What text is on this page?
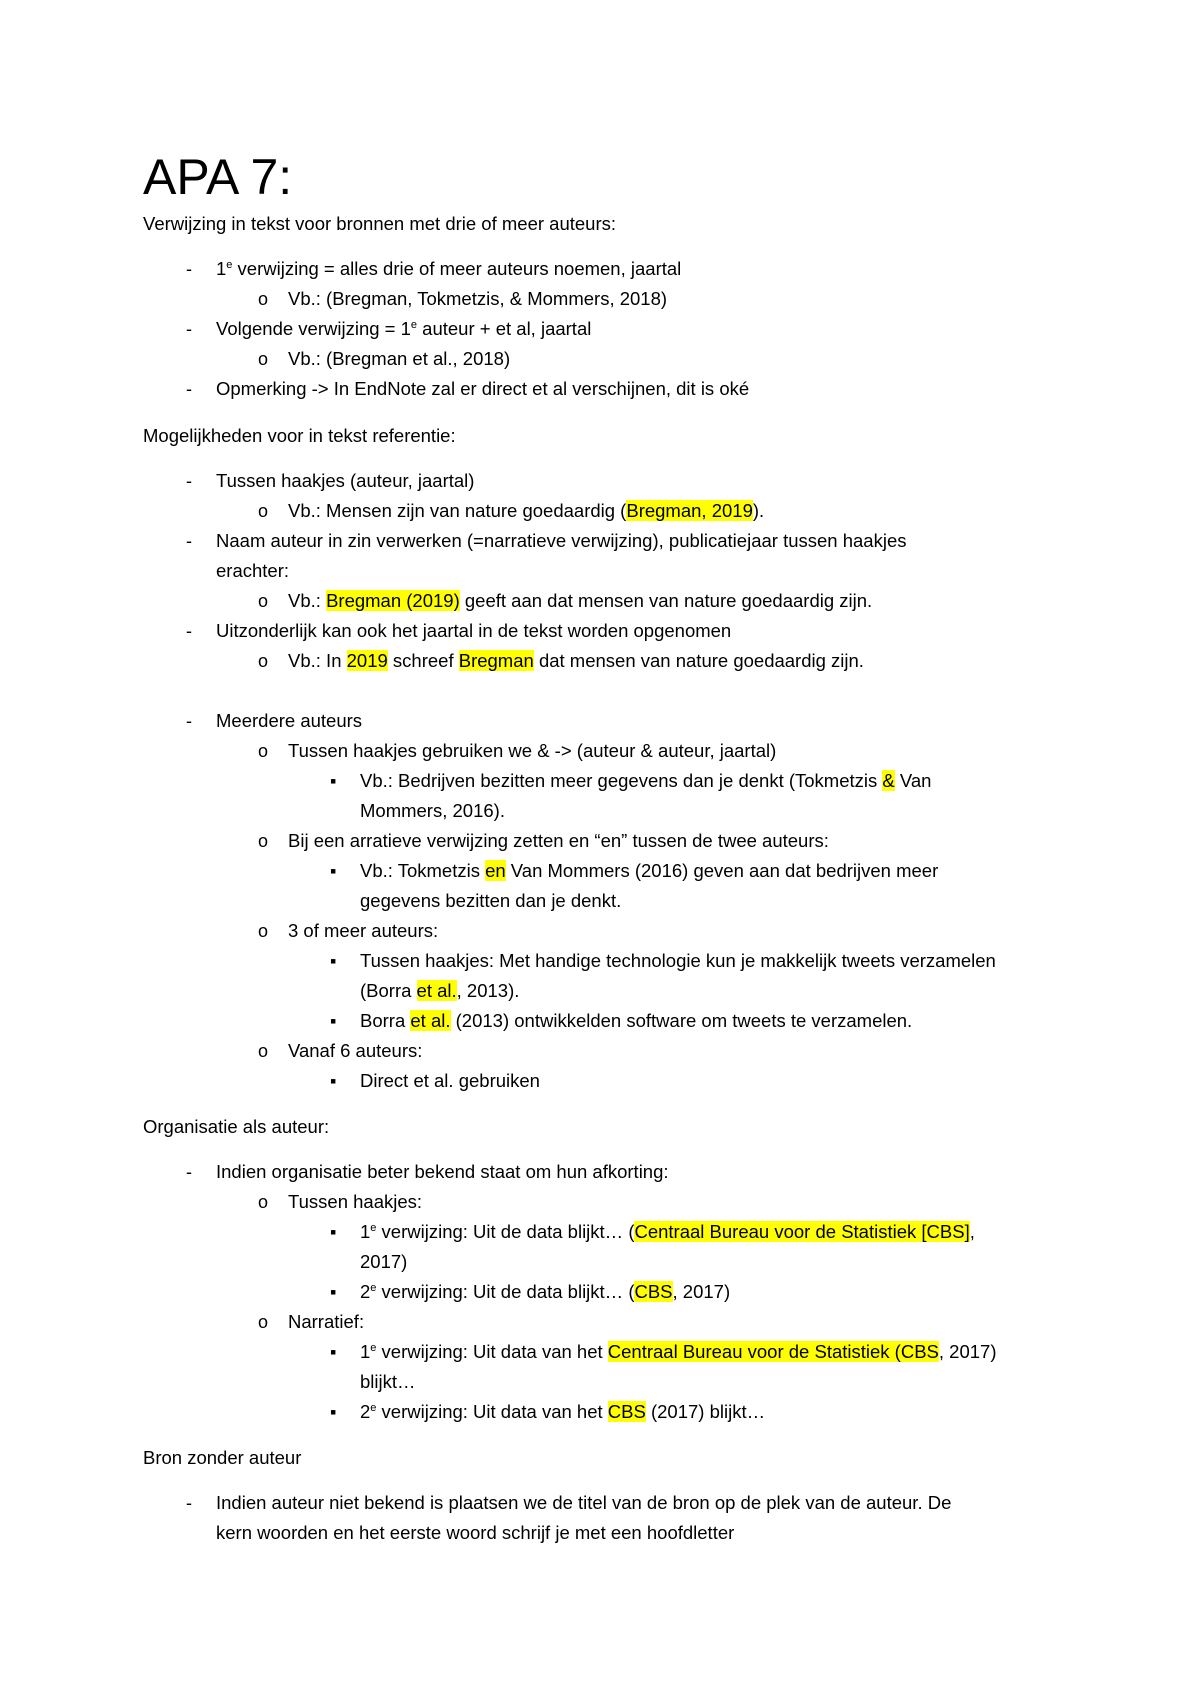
APA 7:
Verwijzing in tekst voor bronnen met drie of meer auteurs:
- 1e verwijzing = alles drie of meer auteurs noemen, jaartal
o Vb.: (Bregman, Tokmetzis, & Mommers, 2018)
- Volgende verwijzing = $1^e$ auteur + et al, jaartal
o Vb.: (Bregman et al., 2018)
- Opmerking -> In EndNote zal er direct et al verschijnen, dit is oké
Mogelijkheden voor in tekst referentie:
- Tussen haakjes (auteur, jaartal)
o Vb.: Mensen zijn van nature goedaardig (Bregman, 2019).
- Naam auteur in zin verwerken (=narratieve verwijzing), publicatiejaar tussen haakjes
erachter:
o Vb.: Bregman (2019) geeft aan dat mensen van nature goedaardig zijn.
- Uitzonderlijk kan ook het jaartal in de tekst worden opgenomen
o Vb.: In 2019 schreef Bregman dat mensen van nature goedaardig zijn.
- Meerdere auteurs
o Tussen haakjes gebruiken we & -> (auteur & auteur, jaartal)
▪ Vb.: Bedrijven bezitten meer gegevens dan je denkt (Tokmetzis & Van
Mommers, 2016).
o Bij een arratieve verwijzing zetten en “en” tussen de twee auteurs:
▪ Vb.: Tokmetzis en Van Mommers (2016) geven aan dat bedrijven meer
gegevens bezitten dan je denkt.
o 3 of meer auteurs:
▪ Tussen haakjes: Met handige technologie kun je makkelijk tweets verzamelen
(Borra et al., 2013).
▪ Borra et al. (2013) ontwikkelden software om tweets te verzamelen.
o Vanaf 6 auteurs:
▪ Direct et al. gebruiken
Organisatie als auteur:
- Indien organisatie beter bekend staat om hun afkorting:
o Tussen haakjes:
▪ 1e verwijzing: Uit de data blijkt… (Centraal Bureau voor de Statistiek [CBS],
2017)
▪ 2e verwijzing: Uit de data blijkt… (CBS, 2017)
o Narratief:
▪ 1e verwijzing: Uit data van het Centraal Bureau voor de Statistiek (CBS, 2017)
blijkt…
▪ 2e verwijzing: Uit data van het CBS (2017) blijkt…
Bron zonder auteur
- Indien auteur niet bekend is plaatsen we de titel van de bron op de plek van de auteur. De
kern woorden en het eerste woord schrijf je met een hoofdletter
